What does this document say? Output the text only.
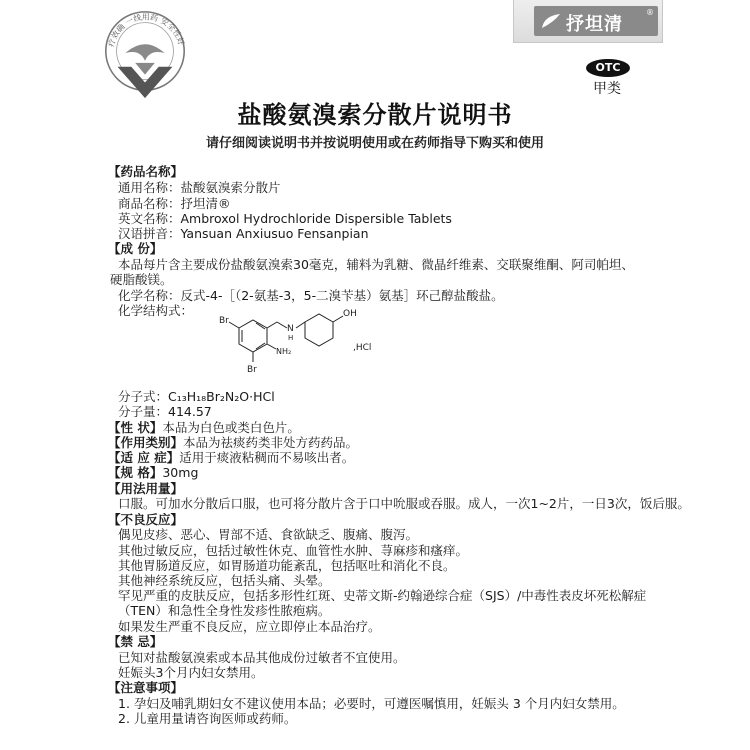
疗效确 一线用药 安全性好
抒坦清
®
OTC
甲类
盐酸氨溴索分散片说明书
请仔细阅读说明书并按说明使用或在药师指导下购买和使用
【药品名称】
通用名称：盐酸氨溴索分散片
商品名称：抒坦清®
英文名称：Ambroxol Hydrochloride Dispersible Tablets
汉语拼音：Yansuan Anxiusuo Fensanpian
【成 份】
本品每片含主要成份盐酸氨溴索30毫克，辅料为乳糖、微晶纤维素、交联聚维酮、阿司帕坦、
硬脂酸镁。
化学名称：反式-4-［（2-氨基-3，5-二溴苄基）氨基］环己醇盐酸盐。
化学结构式：
Br
Br
N
H
NH₂
OH
,HCl
分子式：C₁₃H₁₈Br₂N₂O·HCl
分子量：414.57
【性 状】本品为白色或类白色片。
【作用类别】本品为祛痰药类非处方药药品。
【适 应 症】适用于痰液粘稠而不易咳出者。
【规 格】30mg
【用法用量】
口服。可加水分散后口服，也可将分散片含于口中吮服或吞服。成人，一次1~2片，一日3次，饭后服。
【不良反应】
偶见皮疹、恶心、胃部不适、食欲缺乏、腹痛、腹泻。
其他过敏反应，包括过敏性休克、血管性水肿、荨麻疹和瘙痒。
其他胃肠道反应，如胃肠道功能紊乱，包括呕吐和消化不良。
其他神经系统反应，包括头痛、头晕。
罕见严重的皮肤反应，包括多形性红斑、史蒂文斯-约翰逊综合症（SJS）/中毒性表皮坏死松解症
（TEN）和急性全身性发疹性脓疱病。
如果发生严重不良反应，应立即停止本品治疗。
【禁 忌】
已知对盐酸氨溴索或本品其他成份过敏者不宜使用。
妊娠头3个月内妇女禁用。
【注意事项】
1. 孕妇及哺乳期妇女不建议使用本品；必要时，可遵医嘱慎用，妊娠头 3 个月内妇女禁用。
2. 儿童用量请咨询医师或药师。
